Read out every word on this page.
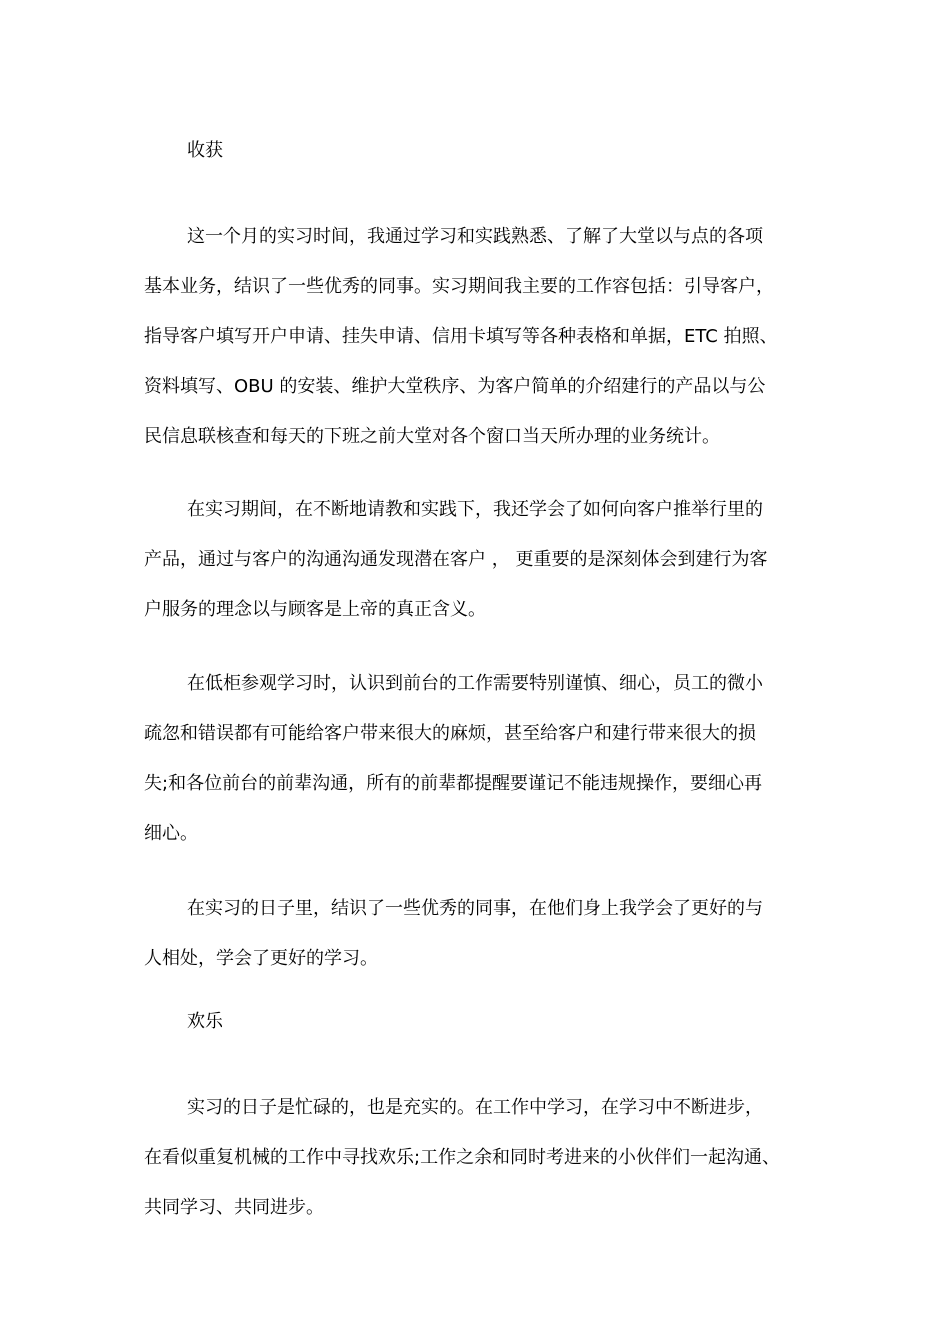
收获
这一个月的实习时间，我通过学习和实践熟悉、了解了大堂以与点的各项
基本业务，结识了一些优秀的同事。实习期间我主要的工作容包括：引导客户，
指导客户填写开户申请、挂失申请、信用卡填写等各种表格和单据，ETC 拍照、
资料填写、OBU 的安装、维护大堂秩序、为客户简单的介绍建行的产品以与公
民信息联核查和每天的下班之前大堂对各个窗口当天所办理的业务统计。
在实习期间，在不断地请教和实践下，我还学会了如何向客户推举行里的
产品，通过与客户的沟通沟通发现潜在客户 ， 更重要的是深刻体会到建行为客
户服务的理念以与顾客是上帝的真正含义。
在低柜参观学习时，认识到前台的工作需要特别谨慎、细心，员工的微小
疏忽和错误都有可能给客户带来很大的麻烦，甚至给客户和建行带来很大的损
失;和各位前台的前辈沟通，所有的前辈都提醒要谨记不能违规操作，要细心再
细心。
在实习的日子里，结识了一些优秀的同事，在他们身上我学会了更好的与
人相处，学会了更好的学习。
欢乐
实习的日子是忙碌的，也是充实的。在工作中学习，在学习中不断进步，
在看似重复机械的工作中寻找欢乐;工作之余和同时考进来的小伙伴们一起沟通、
共同学习、共同进步。
